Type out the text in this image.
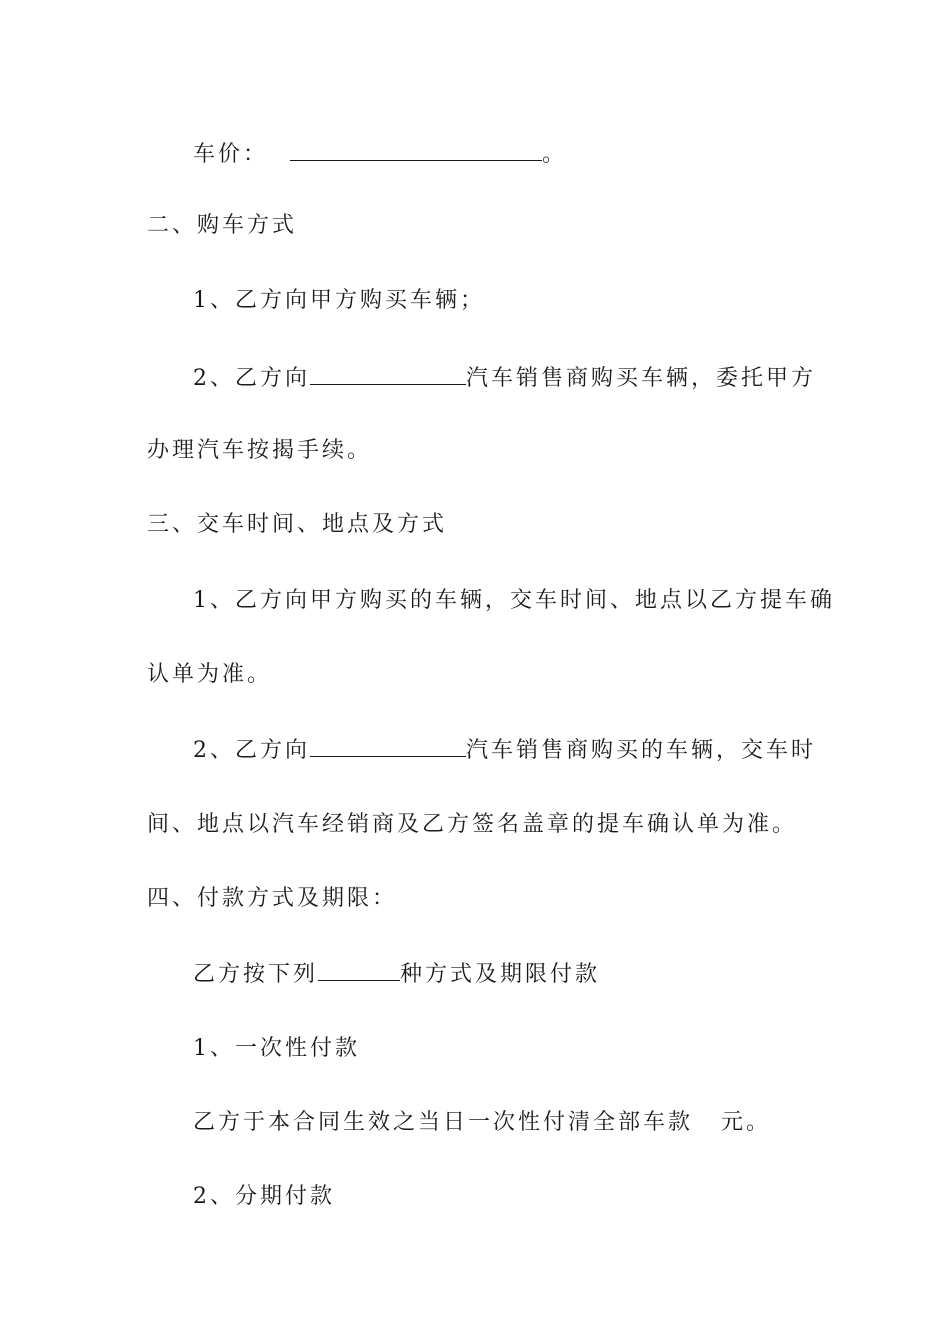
车价：	。
二、购车方式
1、乙方向甲方购买车辆；
2、乙方向	汽车销售商购买车辆，委托甲方
办理汽车按揭手续。
三、交车时间、地点及方式
1、乙方向甲方购买的车辆，交车时间、地点以乙方提车确
认单为准。
2、乙方向	汽车销售商购买的车辆，交车时
间、地点以汽车经销商及乙方签名盖章的提车确认单为准。
四、付款方式及期限：
乙方按下列	种方式及期限付款
1、一次性付款
乙方于本合同生效之当日一次性付清全部车款 元。
2、分期付款
